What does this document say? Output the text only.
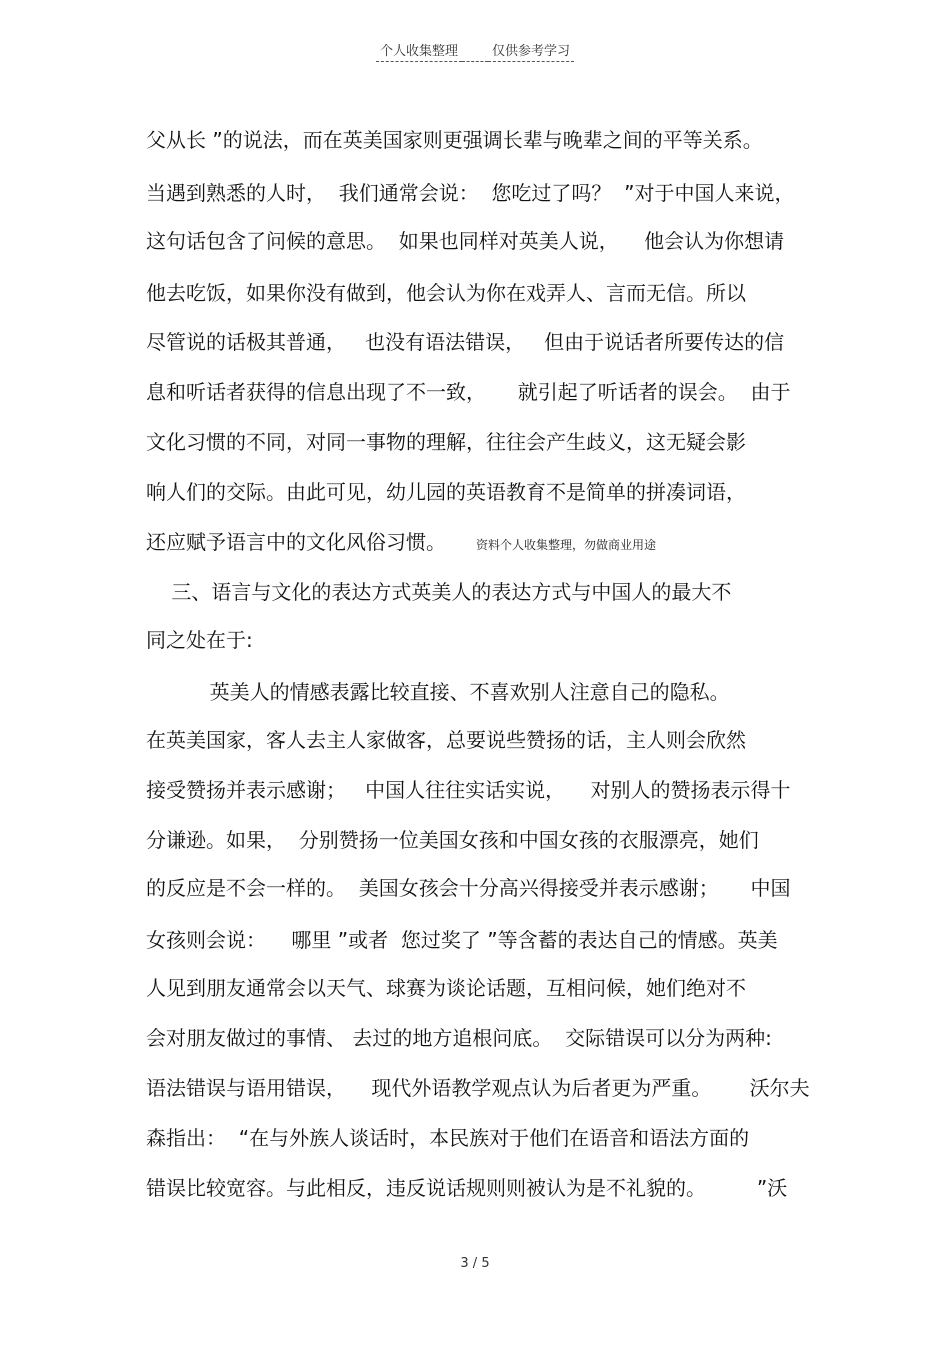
个人收集整理	仅供参考学习
父从长 ”的说法，而在英美国家则更强调长辈与晚辈之间的平等关系。
当遇到熟悉的人时，  我们通常会说：  您吃过了吗？  ”对于中国人来说，
这句话包含了问候的意思。  如果也同样对英美人说，    他会认为你想请
他去吃饭，如果你没有做到，他会认为你在戏弄人、言而无信。所以
尽管说的话极其普通，   也没有语法错误，   但由于说话者所要传达的信
息和听话者获得的信息出现了不一致，     就引起了听话者的误会。  由于
文化习惯的不同，对同一事物的理解，往往会产生歧义，这无疑会影
响人们的交际。由此可见，幼儿园的英语教育不是简单的拼凑词语，
还应赋予语言中的文化风俗习惯。	资料个人收集整理，勿做商业用途
三、语言与文化的表达方式英美人的表达方式与中国人的最大不
同之处在于:
英美人的情感表露比较直接、不喜欢别人注意自己的隐私。
在英美国家，客人去主人家做客，总要说些赞扬的话，主人则会欣然
接受赞扬并表示感谢；   中国人往往实话实说，    对别人的赞扬表示得十
分谦逊。如果，  分别赞扬一位美国女孩和中国女孩的衣服漂亮，她们
的反应是不会一样的。  美国女孩会十分高兴得接受并表示感谢；     中国
女孩则会说：    哪里 ”或者  您过奖了 ”等含蓄的表达自己的情感。英美
人见到朋友通常会以天气、球赛为谈论话题，互相问候，她们绝对不
会对朋友做过的事情、 去过的地方追根问底。  交际错误可以分为两种:
语法错误与语用错误，    现代外语教学观点认为后者更为严重。      沃尔夫
森指出：  “在与外族人谈话时，本民族对于他们在语音和语法方面的
错误比较宽容。与此相反，违反说话规则则被认为是不礼貌的。        ”沃
3 / 5
